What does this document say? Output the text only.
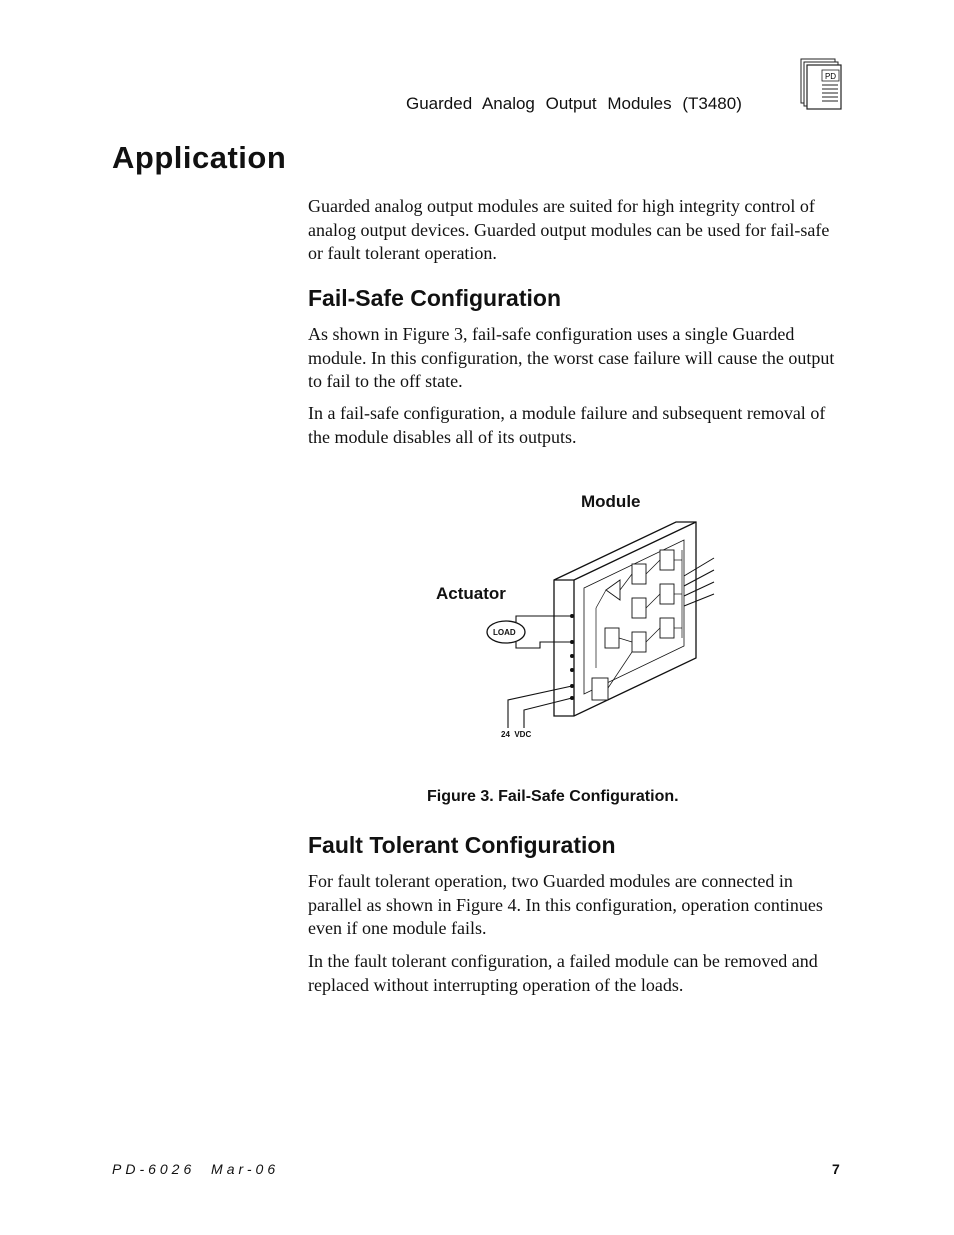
Guarded Analog Output Modules (T3480)
PD
Application

Guarded analog output modules are suited for high integrity control of analog output devices. Guarded output modules can be used for fail-safe or fault tolerant operation.

Fail-Safe Configuration

As shown in Figure 3, fail-safe configuration uses a single Guarded module. In this configuration, the worst case failure will cause the output to fail to the off state.

In a fail-safe configuration, a module failure and subsequent removal of the module disables all of its outputs.

Module
Actuator
LOAD
24  VDC
Figure 3. Fail-Safe Configuration.
Fault Tolerant Configuration

For fault tolerant operation, two Guarded modules are connected in parallel as shown in Figure 4. In this configuration, operation continues even if one module fails.

In the fault tolerant configuration, a failed module can be removed and replaced without interrupting operation of the loads.

PD-6026  Mar-06	7
